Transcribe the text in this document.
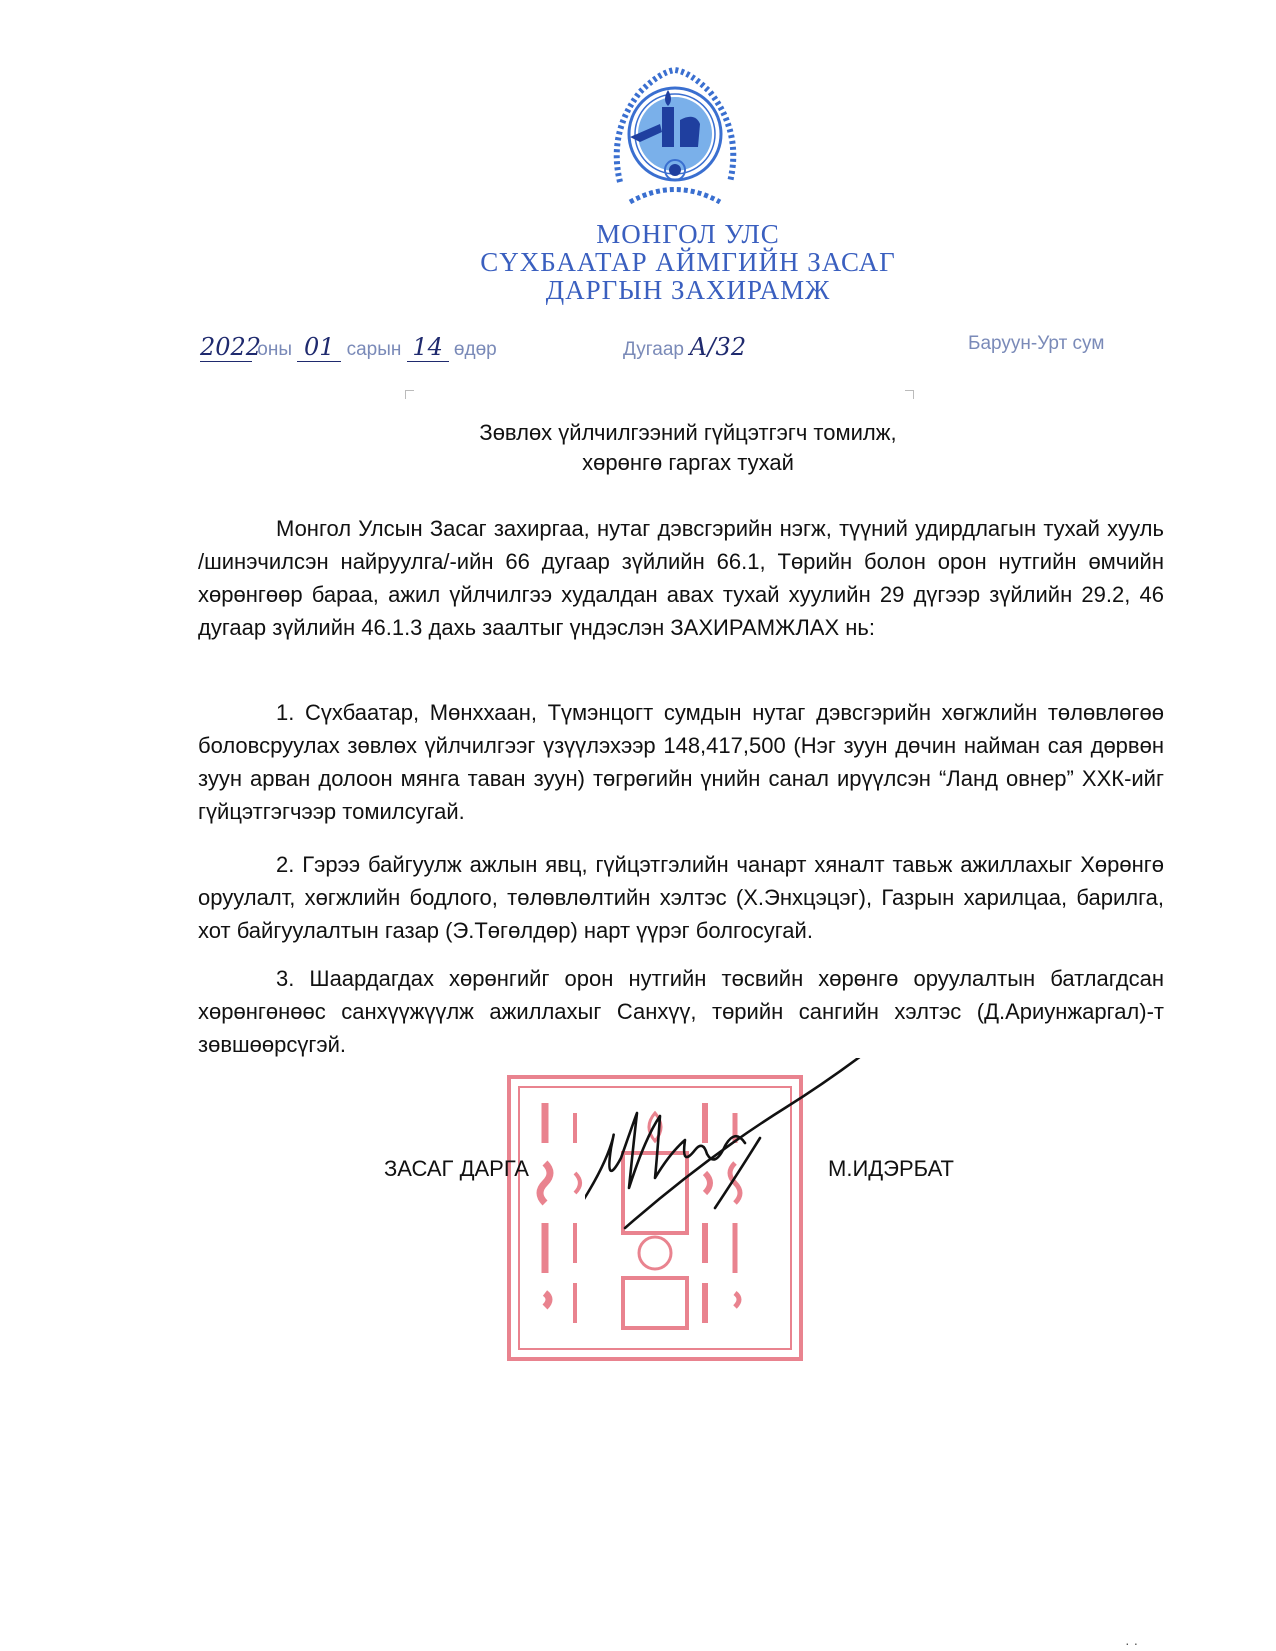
МОНГОЛ УЛС
СҮХБААТАР АЙМГИЙН ЗАСАГ
ДАРГЫН ЗАХИРАМЖ
2022 оны 01 сарын 14 өдөр	Дугаар А/32	Баруун-Урт сум
Зөвлөх үйлчилгээний гүйцэтгэгч томилж,
хөрөнгө гаргах тухай
Монгол Улсын Засаг захиргаа, нутаг дэвсгэрийн нэгж, түүний удирдлагын тухай хууль /шинэчилсэн найруулга/-ийн 66 дугаар зүйлийн 66.1, Төрийн болон орон нутгийн өмчийн хөрөнгөөр бараа, ажил үйлчилгээ худалдан авах тухай хуулийн 29 дүгээр зүйлийн 29.2, 46 дугаар зүйлийн 46.1.3 дахь заалтыг үндэслэн ЗАХИРАМЖЛАХ нь:
1. Сүхбаатар, Мөнххаан, Түмэнцогт сумдын нутаг дэвсгэрийн хөгжлийн төлөвлөгөө боловсруулах зөвлөх үйлчилгээг үзүүлэхээр 148,417,500 (Нэг зуун дөчин найман сая дөрвөн зуун арван долоон мянга таван зуун) төгрөгийн үнийн санал ирүүлсэн “Ланд овнер” ХХК-ийг гүйцэтгэгчээр томилсугай.
2. Гэрээ байгуулж ажлын явц, гүйцэтгэлийн чанарт хяналт тавьж ажиллахыг Хөрөнгө оруулалт, хөгжлийн бодлого, төлөвлөлтийн хэлтэс (Х.Энхцэцэг), Газрын харилцаа, барилга, хот байгуулалтын газар (Э.Төгөлдөр) нарт үүрэг болгосугай.
3. Шаардагдах хөрөнгийг орон нутгийн төсвийн хөрөнгө оруулалтын батлагдсан хөрөнгөнөөс санхүүжүүлж ажиллахыг Санхүү, төрийн сангийн хэлтэс (Д.Ариунжаргал)-т зөвшөөрсүгэй.
ЗАСАГ ДАРГА	М.ИДЭРБАТ
· ·
